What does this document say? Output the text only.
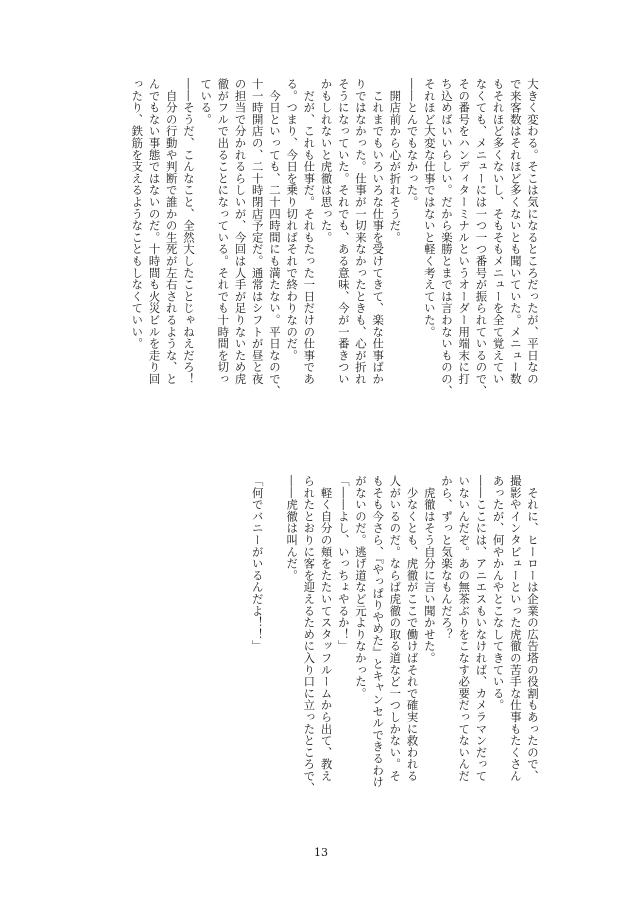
大きく変わる。そこは気になるところだったが、平日なの
で来客数はそれほど多くないとも聞いていた。メニュー数
もそれほど多くないし、そもそもメニューを全て覚えてい
なくても、メニューには一つ一つ番号が振られているので、
その番号をハンディターミナルというオーダー用端末に打
ち込めばいいらしい。だから楽勝とまでは言わないものの、
それほど大変な仕事ではないと軽く考えていた。
――とんでもなかった。
　開店前から心が折れそうだ。
　これまでもいろいろな仕事を受けてきて、楽な仕事ばか
りではなかった。仕事が一切来なかったときも、心が折れ
そうになっていた。それでも、ある意味、今が一番きつい
かもしれないと虎徹は思った。
　だが、これも仕事だ。それもたった一日だけの仕事であ
る。つまり、今日を乗り切ればそれで終わりなのだ。
　今日といっても、二十四時間にも満たない。平日なので、
十一時開店の、二十時閉店予定だ。通常はシフトが昼と夜
の担当で分かれるらしいが、今回は人手が足りないため虎
徹がフルで出ることになっている。それでも十時間を切っ
ている。
――そうだ、こんなこと、全然大したことじゃねえだろ！
　自分の行動や判断で誰かの生死が左右されるような、と
んでもない事態ではないのだ。十時間も火災ビルを走り回
ったり、鉄筋を支えるようなこともしなくていい。
　それに、ヒーローは企業の広告塔の役割もあったので、
撮影やインタビューといった虎徹の苦手な仕事もたくさん
あったが、何やかんやとこなしてきている。
――ここには、アニエスもいなければ、カメラマンだって
いないんだぞ。あの無茶ぶりをこなす必要だってないんだ
から、ずっと気楽なもんだろ？
　虎徹はそう自分に言い聞かせた。
　少なくとも、虎徹がここで働けばそれで確実に救われる
人がいるのだ。ならば虎徹の取る道など一つしかない。そ
もそも今さら、『やっぱりやめた』とキャンセルできるわけ
がないのだ。逃げ道など元よりなかった。
「――よし、いっちょやるか！」
　軽く自分の頬をたたいてスタッフルームから出て、教え
られたとおりに客を迎えるために入り口に立ったところで、
――虎徹は叫んだ。

「何でバニーがいるんだよ！！」
13
